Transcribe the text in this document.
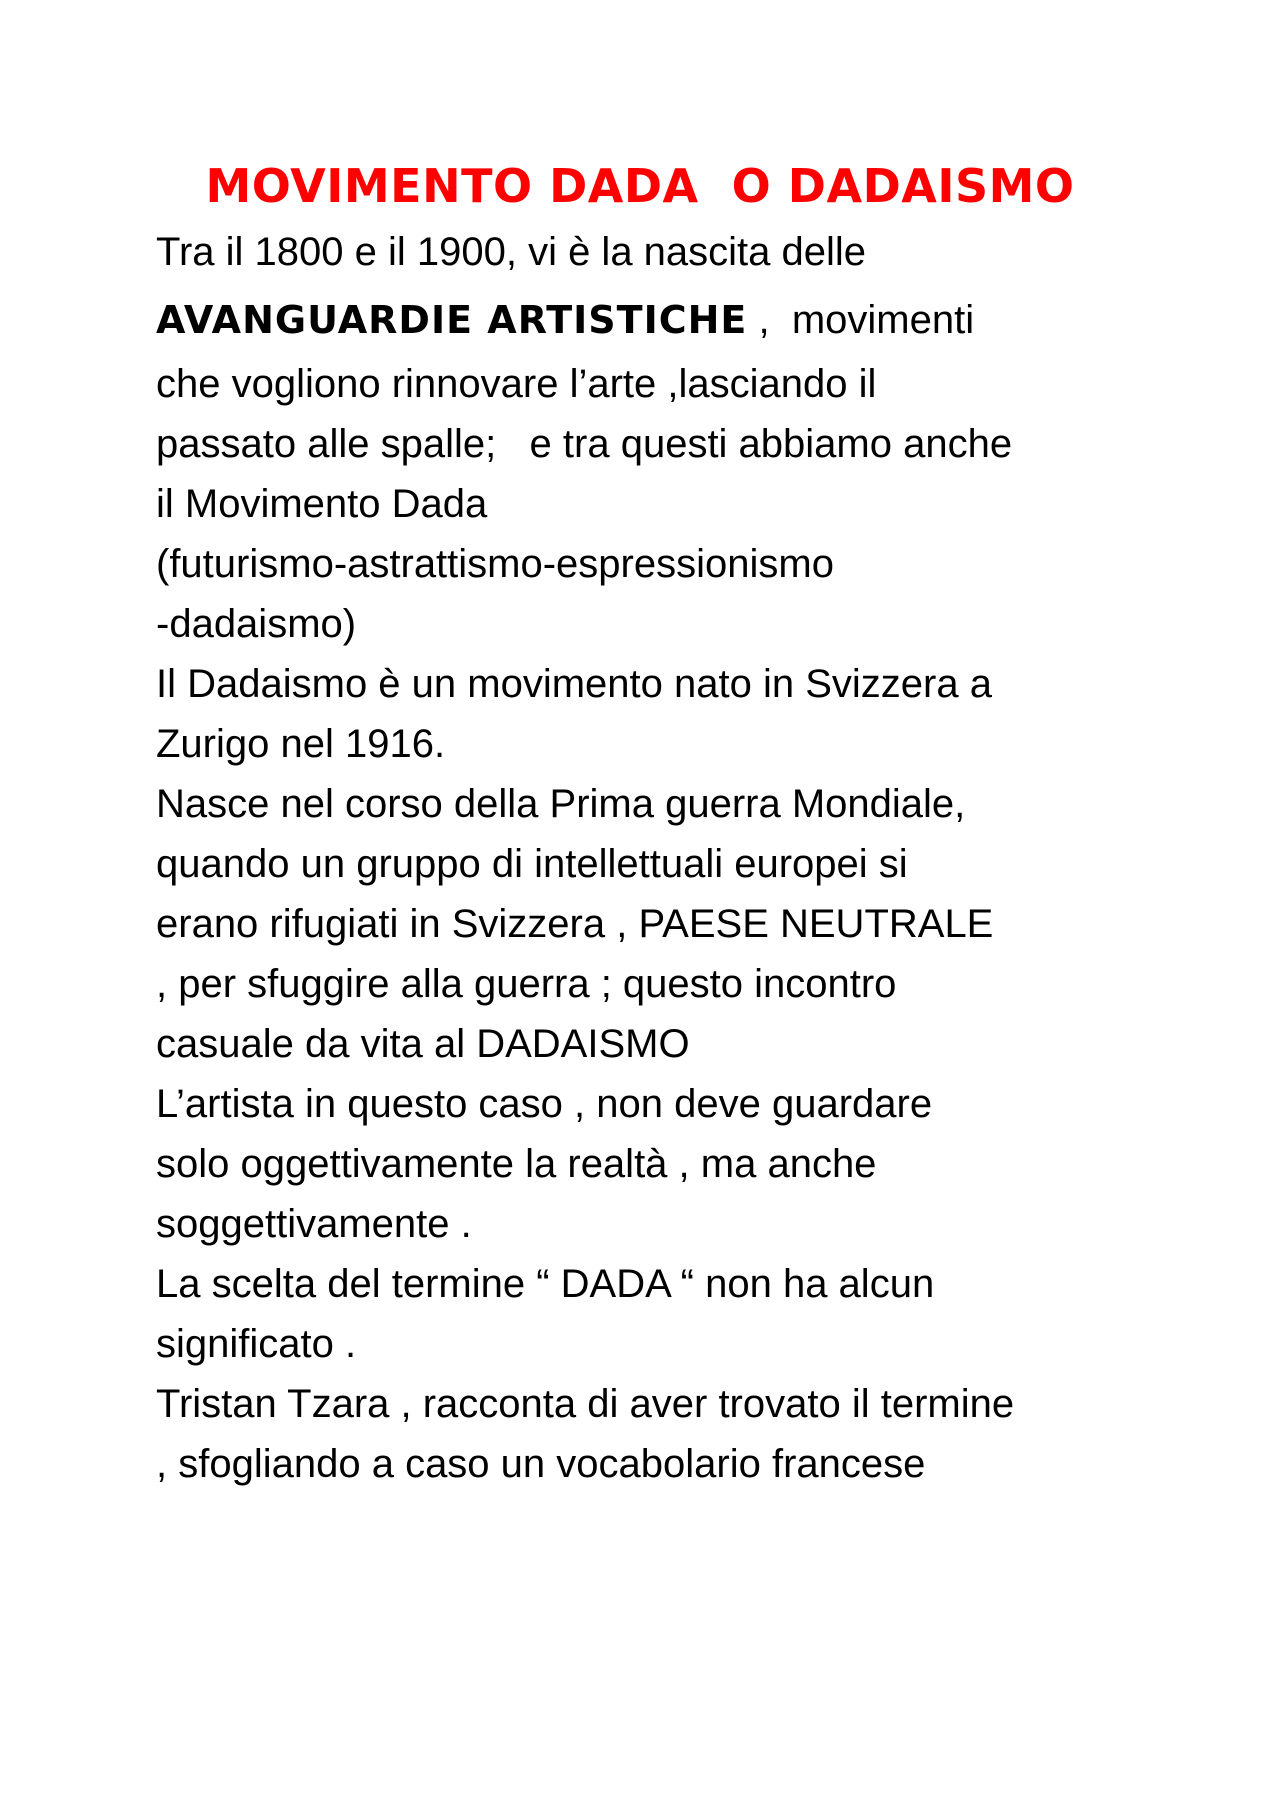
MOVIMENTO DADA  O DADAISMO
Tra il 1800 e il 1900, vi è la nascita delle
AVANGUARDIE ARTISTICHE ,  movimenti
che vogliono rinnovare l’arte ,lasciando il
passato alle spalle;   e tra questi abbiamo anche
il Movimento Dada
(futurismo-astrattismo-espressionismo
-dadaismo)
Il Dadaismo è un movimento nato in Svizzera a
Zurigo nel 1916.
Nasce nel corso della Prima guerra Mondiale,
quando un gruppo di intellettuali europei si
erano rifugiati in Svizzera , PAESE NEUTRALE
, per sfuggire alla guerra ; questo incontro
casuale da vita al DADAISMO
L’artista in questo caso , non deve guardare
solo oggettivamente la realtà , ma anche
soggettivamente .
La scelta del termine “ DADA “ non ha alcun
significato .
Tristan Tzara , racconta di aver trovato il termine
, sfogliando a caso un vocabolario francese
